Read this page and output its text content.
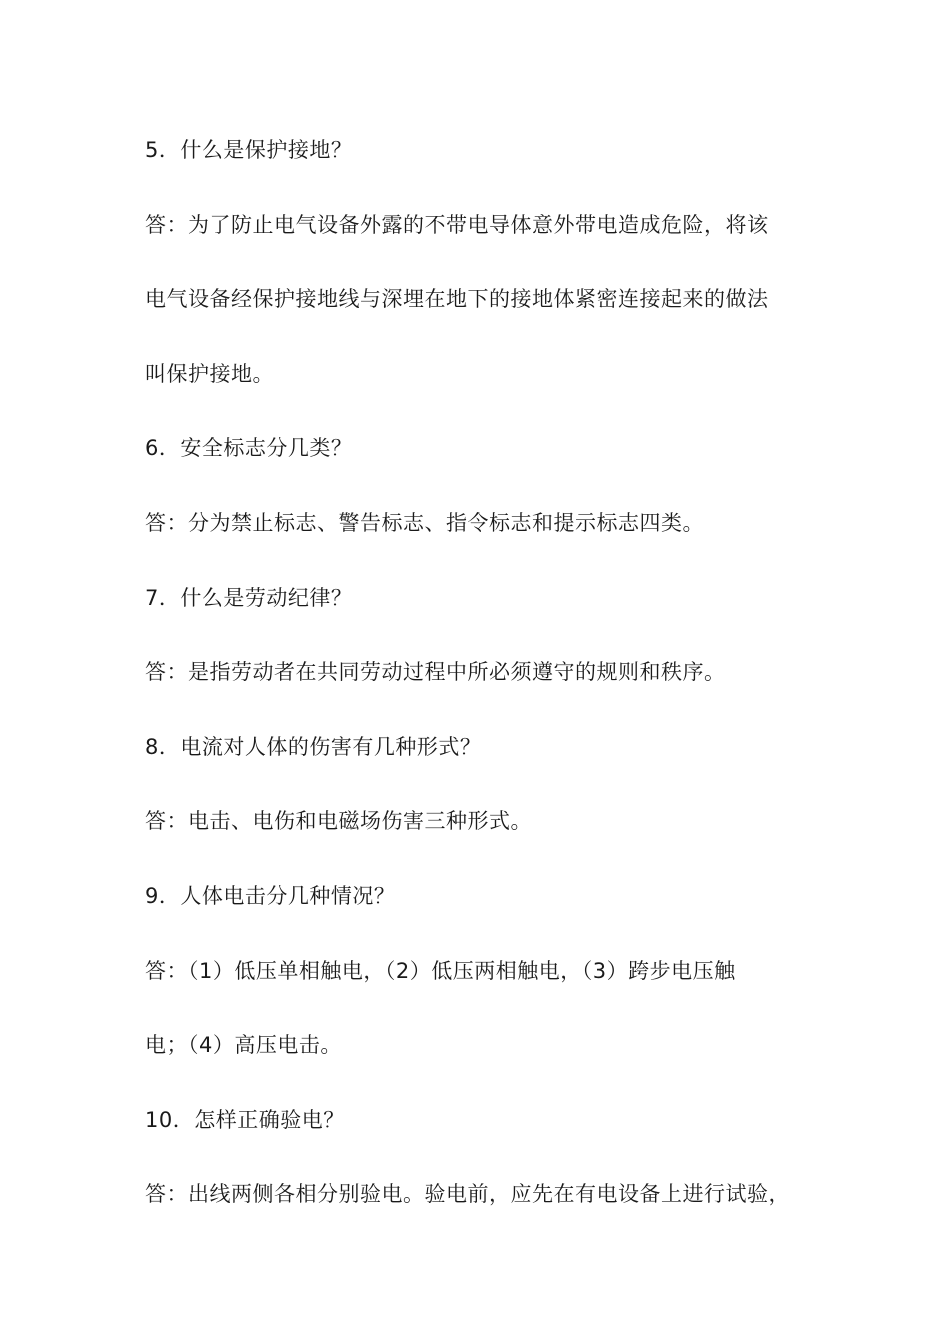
5．什么是保护接地？
答：为了防止电气设备外露的不带电导体意外带电造成危险，将该
电气设备经保护接地线与深埋在地下的接地体紧密连接起来的做法
叫保护接地。
6．安全标志分几类？
答：分为禁止标志、警告标志、指令标志和提示标志四类。
7．什么是劳动纪律？
答：是指劳动者在共同劳动过程中所必须遵守的规则和秩序。
8．电流对人体的伤害有几种形式？
答：电击、电伤和电磁场伤害三种形式。
9．人体电击分几种情况？
答：（1）低压单相触电，（2）低压两相触电，（3）跨步电压触
电；（4）高压电击。
10．怎样正确验电？
答：出线两侧各相分别验电。验电前，应先在有电设备上进行试验，
